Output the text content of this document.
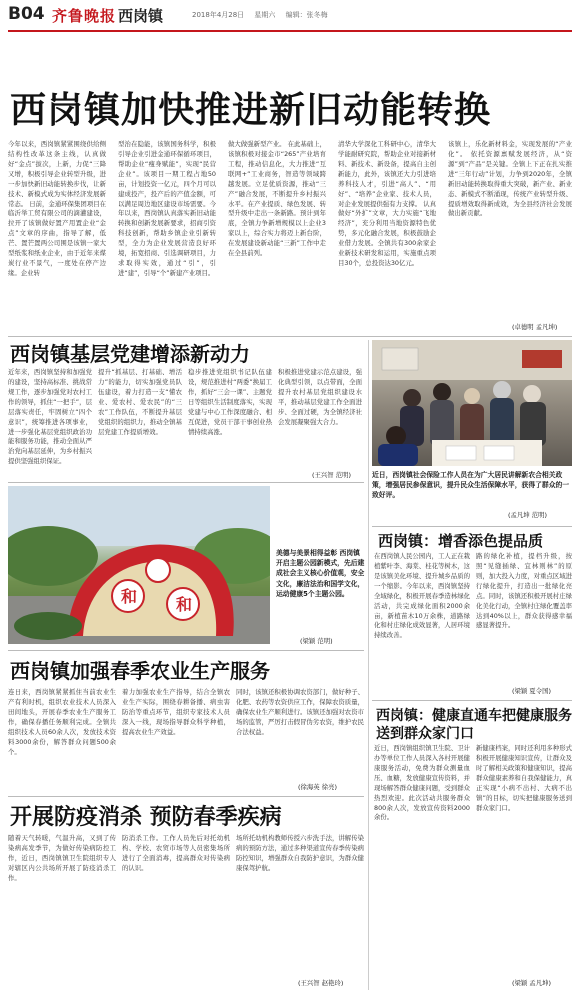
B04 齐鲁晚报 西岗镇	2018年4月28日 星期六 编辑：张冬梅
西岗镇加快推进新旧动能转换
今年以来，西岗镇紧紧围绕供给侧结构性改革这条主线，认真做好“金点”拔次，上新，力促“三降又增，积极引导企业转型升级，进一步加快新旧动能转换步伐，让新技术、新模式成为实体经济发展新常态。 日前，金通环保集团项目在临沂举工贸有限公司的滴灌建设，拉开了该镇做好置产用置企业“金点”文章的序曲，指导了解，低芒、置芒置两公司围是该镇一家大型纸浆和纸业企业，由于近年来煤炭行业不景气，一度处在停产边缘。企业转
型治在隐能，该镇国务科学，积极引导企业引进金通环保循环项目，帮助企业“瘦身赋能”，实现“民营企业”。该项目一期工程占地50亩，计划投资一亿元，四个月可以建成投产，投产后的产值金额，可以满足周边地区建设市场需要。今年以来，西岗镇认真落实新旧动能转换和创新发展新要求，招商引资科技创新，帮助乡镇企业引新转型，全力为企业发展营造良好环境，拓宽招商、引选调研项目，力求取得实效，通过“引”，引进“建”，引导“个”新建产业项目。
做大做强新型产业。 在此基础上，该镇积极对接金市“265”产业培育工程，推动信息化，大力推进“互联网+”工业商务，智造等领域跨越发展。立足优质资源，推动“三产”融合发展，不断提升乡村振兴水平。在产业提质、绿色发展、转型升级中走出一条新路。预计到年底，全镇力争新增规模以上企业3家以上，综合实力将迈上新台阶，在发展建设新动能“三新”工作中走在全县前列。
清华大学深化工科研中心，清华大学能耐研究院，帮助企业对接新材料、新技术、新设备，提高自主创新能力，此外，该镇还大力引进培养科技人才，引进“高人”、“用好”、“培养”企业家、技术人员，对企业发展提供强有力支撑。 认真做好“外扩”文章，大力实施“飞地经济”，充分利用当地资源特色优势，多元化融合发展，积极鼓励企业借力发展。全镇共有300余家企业新技术研发和运用，实施重点项目30个，总投资达30亿元。
该镇上，乐化新材料金，实现发展的“产业化”。 依托资源禀赋发展经济，从“资源”到“产品”是关键。全镇上下正在扎实推进“三年行动”计划，力争到2020年，全镇新旧动能转换取得重大突破，新产业、新业态、新模式不断涌现，传统产业转型升级、提质增效取得新成效，为全县经济社会发展做出新贡献。
(卓德明 孟凡坤)
西岗镇基层党建增添新动力
近年来，西岗镇坚持和加强党的建设，坚持高标准、挑战常规工作，逐步加强党对农村工作的领导，抓住“一把手”，层层落实责任，牢固树立“四个意识”，统筹推进各项事业，进一步强化基层党组织政治功能和服务功能，推动全面从严治党向基层延伸，为乡村振兴提供坚强组织保证。
提升“抓基层、打基础、增活力”的能力，切实加强党员队伍建设，着力打造一支“懂农业、爱农村、爱农民”的“三农”工作队伍，不断提升基层党组织的组织力，推动全镇基层党建工作提质增效。
稳步推进党组织书记队伍建设，规范推进村“两委”换届工作，抓好“三会一课”、主题党日等组织生活制度落实，实现党建与中心工作深度融合、相互促进，党员干部干事创业热情持续高涨。
积极推进党建示范点建设，强化典型引领，以点带面，全面提升农村基层党组织建设水平，推动基层党建工作全面进步、全面过硬，为全镇经济社会发展凝聚强大合力。
(王兴智 范明)	近日，西岗镇社会保险工作人员在为广大居民讲解新农合相关政策，增强居民参保意识，提升民众生活保障水平，获得了群众的一致好评。
(孟凡坤 范明)
和 和
美德与美景相得益彰 西岗镇开启主题公园新模式，先后建成社会主义核心价值观，安全文化，廉洁法治和国学文化，运动健康5个主题公园。
(梁颖 范明)
西岗镇：增香添色提品质
在西岗镇人民公园内，工人正在栽植紫叶李、海棠、桂花等树木，这是该镇美化环境、提升城乡品质的一个缩影。今年以来，西岗镇坚持全域绿化，积极开展春季造林绿化活动，共完成绿化面积2000余亩，新植苗木10万余株，道路绿化和村庄绿化成效显著，人居环境持续改善。
路的绿化补植，提档升级，按照“见缝插绿、宜林则林”的原则，加大投入力度，对重点区域进行绿化提升，打造出一批绿化亮点。同时，该镇还积极开展村庄绿化美化行动，全镇村庄绿化覆盖率达到40%以上，群众获得感幸福感显著提升。
(梁颖 夏令国)
西岗镇加强春季农业生产服务
连日来，西岗镇紧紧抓住当前农业生产有利时机，组织农业技术人员深入田间地头，开展春季农业生产服务工作，确保春播任务顺利完成。全镇共组织技术人员60余人次，发放技术资料3000余份，解答群众问题500余个。
着力加强农业生产指导，结合全镇农业生产实际，围绕春耕备播、病虫害防治等重点环节，组织专家技术人员深入一线，现场指导群众科学种植，提高农业生产效益。
同时，该镇还积极协调农资部门，做好种子、化肥、农药等农资供应工作，保障农资质量，确保农业生产顺利进行。该镇还加强对农资市场的监管，严厉打击假冒伪劣农资，维护农民合法权益。
(徐海英 徐亮)
西岗镇：健康直通车把健康服务
送到群众家门口
近日，西岗镇组织镇卫生院、卫计办等单位工作人员深入各村开展健康服务活动，免费为群众测量血压、血糖，发放健康宣传资料，并现场解答群众健康问题，受到群众热烈欢迎。此次活动共服务群众800余人次，发放宣传资料2000余份。
新健康档案，同时还利用多种形式积极开展健康知识宣传，让群众及时了解相关政策和健康知识，提高群众健康素养和自我保健能力，真正实现“小病不出村、大病不出镇”的目标，切实把健康服务送到群众家门口。
(梁颖 孟凡坤)
开展防疫消杀 预防春季疾病
随着天气转暖，气温升高，又到了传染病高发季节，为做好传染病防控工作，近日，西岗镇镇卫生院组织专人对辖区内公共场所开展了防疫消杀工作。
防消杀工作。工作人员先后对托幼机构、学校、农贸市场等人员密集场所进行了全面消毒，提高群众对传染病的认识。
场所托幼机构教师传授六步洗手法，讲解传染病的预防方法，通过多种渠道宣传春季传染病防控知识，增强群众自我防护意识，为群众健康保驾护航。
(王兴智 赵艳玲)
